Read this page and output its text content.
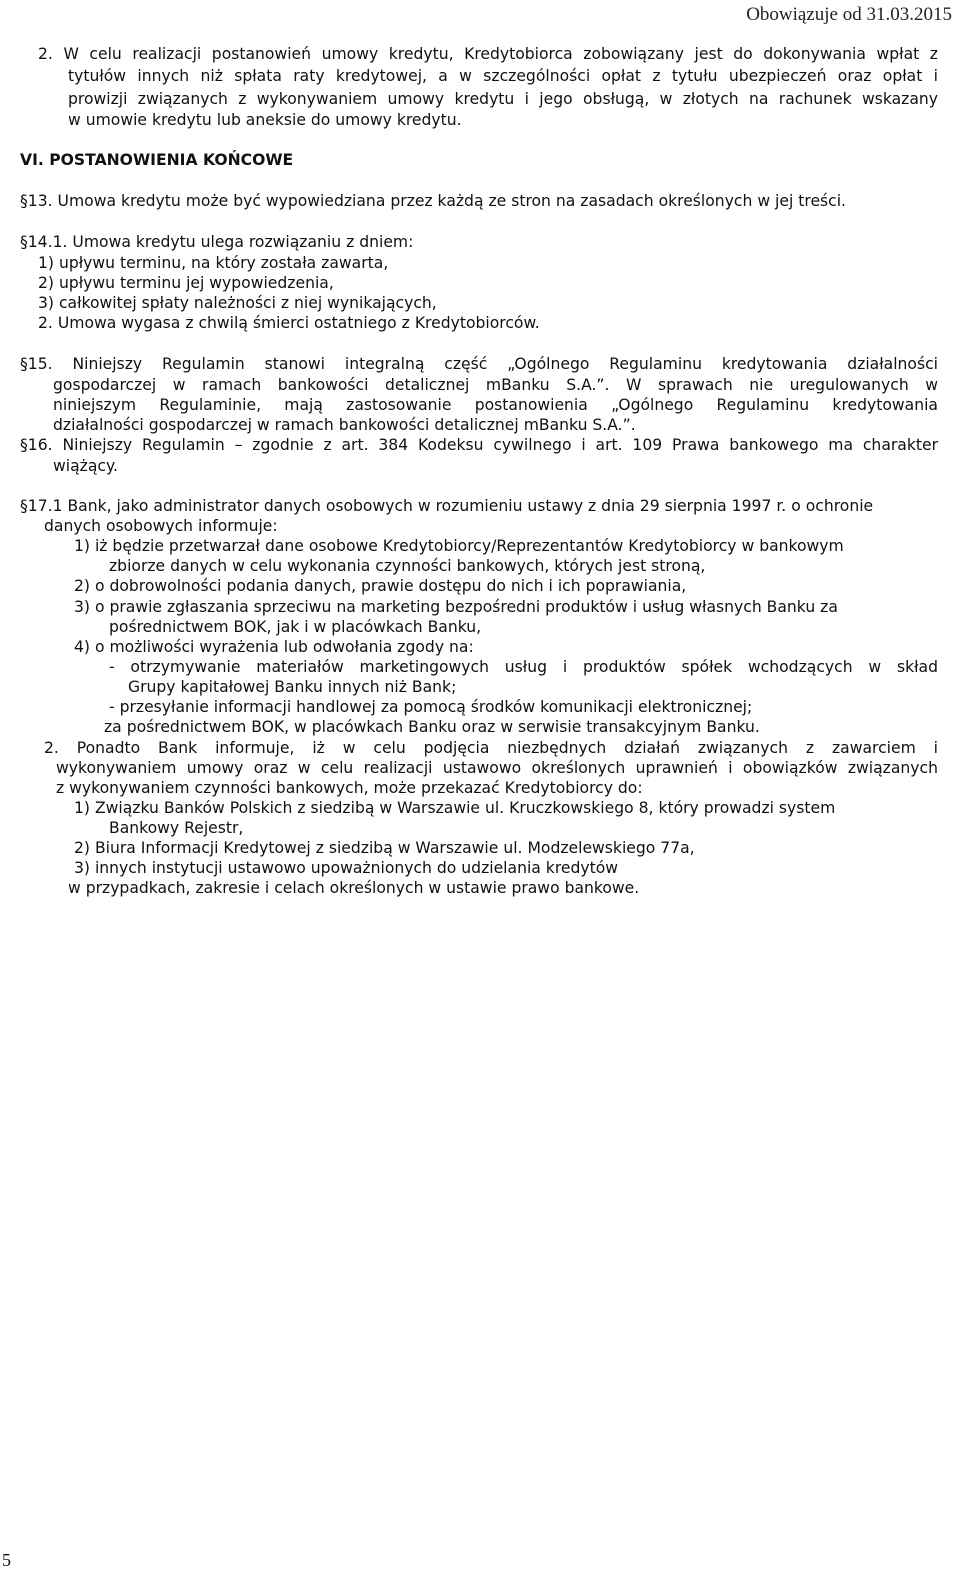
Obowiązuje od 31.03.2015
2. W celu realizacji postanowień umowy kredytu, Kredytobiorca zobowiązany jest do dokonywania wpłat z
tytułów innych niż spłata raty kredytowej, a w szczególności opłat z tytułu ubezpieczeń oraz opłat i
prowizji związanych z wykonywaniem umowy kredytu i jego obsługą, w złotych na rachunek wskazany
w umowie kredytu lub aneksie do umowy kredytu.
VI. POSTANOWIENIA KOŃCOWE
§13. Umowa kredytu może być wypowiedziana przez każdą ze stron na zasadach określonych w jej treści.
§14.1. Umowa kredytu ulega rozwiązaniu z dniem:
1) upływu terminu, na który została zawarta,
2) upływu terminu jej wypowiedzenia,
3) całkowitej spłaty należności z niej wynikających,
2. Umowa wygasa z chwilą śmierci ostatniego z Kredytobiorców.
§15. Niniejszy Regulamin stanowi integralną część „Ogólnego Regulaminu kredytowania działalności
gospodarczej w ramach bankowości detalicznej mBanku S.A.”. W sprawach nie uregulowanych w
niniejszym Regulaminie, mają zastosowanie postanowienia „Ogólnego Regulaminu kredytowania
działalności gospodarczej w ramach bankowości detalicznej mBanku S.A.”.
§16. Niniejszy Regulamin – zgodnie z art. 384 Kodeksu cywilnego i art. 109 Prawa bankowego ma charakter
wiążący.
§17.1 Bank, jako administrator danych osobowych w rozumieniu ustawy z dnia 29 sierpnia 1997 r. o ochronie
danych osobowych informuje:
1) iż będzie przetwarzał dane osobowe Kredytobiorcy/Reprezentantów Kredytobiorcy w bankowym
zbiorze danych w celu wykonania czynności bankowych, których jest stroną,
2) o dobrowolności podania danych, prawie dostępu do nich i ich poprawiania,
3) o prawie zgłaszania sprzeciwu na marketing bezpośredni produktów i usług własnych Banku za
pośrednictwem BOK, jak i w placówkach Banku,
4) o możliwości wyrażenia lub odwołania zgody na:
- otrzymywanie materiałów marketingowych usług i produktów spółek wchodzących w skład
Grupy kapitałowej Banku innych niż Bank;
- przesyłanie informacji handlowej za pomocą środków komunikacji elektronicznej;
za pośrednictwem BOK, w placówkach Banku oraz w serwisie transakcyjnym Banku.
2. Ponadto Bank informuje, iż w celu podjęcia niezbędnych działań związanych z zawarciem i
wykonywaniem umowy oraz w celu realizacji ustawowo określonych uprawnień i obowiązków związanych
z wykonywaniem czynności bankowych, może przekazać Kredytobiorcy do:
1) Związku Banków Polskich z siedzibą w Warszawie ul. Kruczkowskiego 8, który prowadzi system
Bankowy Rejestr,
2) Biura Informacji Kredytowej z siedzibą w Warszawie ul. Modzelewskiego 77a,
3) innych instytucji ustawowo upoważnionych do udzielania kredytów
w przypadkach, zakresie i celach określonych w ustawie prawo bankowe.
5
